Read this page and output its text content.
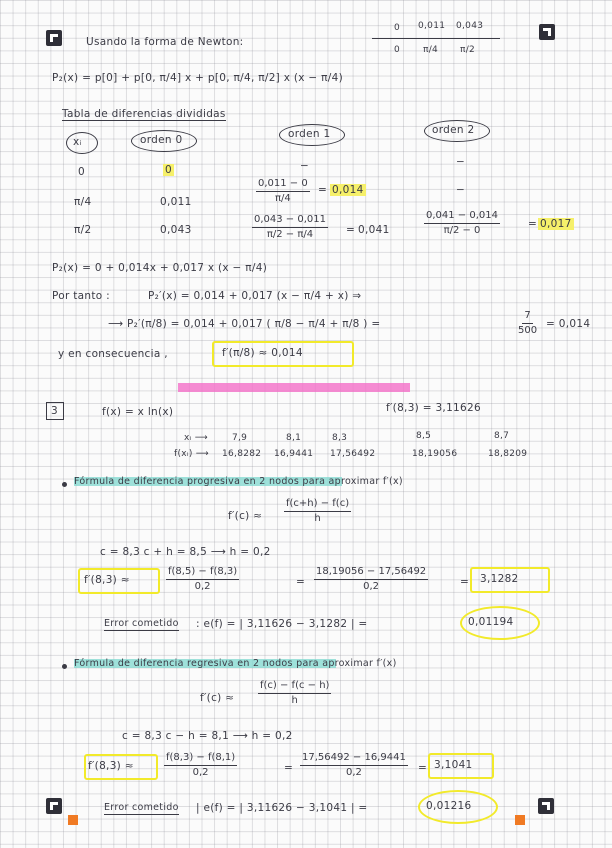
Usando la forma de Newton:
0 0,011 0,043
0	π/4 π/2
P₂(x) = p[0] + p[0, π/4] x + p[0, π/4, π/2] x (x − π/4)
Tabla de diferencias divididas
xᵢ	orden 0	orden 1	orden 2
0	0	−	−
π/4	0,011	$\frac{0,011 - 0}{\pi/4} = 0,014$	−
π/2	0,043	$\frac{0,043 - 0,011}{\pi/2 - \pi/4} = 0,041$	$\frac{0,041 - 0,014}{\pi/2 - 0}$	= 0,017
P₂(x) = 0 + 0,014x + 0,017 x (x − π/4)
Por tanto :	P₂′(x) = 0,014 + 0,017 (x − π/4 + x) ⇒
⟶ P₂′(π/8) = 0,014 + 0,017 ( π/8 − π/4 + π/8 ) =	$\frac{7}{500} = 0,014$
y en consecuencia ,	f′(π/8) ≈ 0,014
3	f(x) = x ln(x)	f′(8,3) = 3,11626
xᵢ ⟶
f(xᵢ) ⟶
7,9	8,1	8,3	8,5	8,7
16,8282 16,9441 17,56492	18,19056	18,8209
Fórmula de diferencia progresiva en 2 nodos para aproximar f′(x)
$f'(c) \approx \frac{f(c+h) - f(c)}{h}$
c = 8,3 c + h = 8,5 ⟶ h = 0,2
f′(8,3) ≈	$\frac{f(8,5) - f(8,3)}{0,2}$	= $\frac{18,19056 - 17,56492}{0,2}$	= 3,1282
Error cometido : e(f) = | 3,11626 − 3,1282 | =	0,01194
Fórmula de diferencia regresiva en 2 nodos para aproximar f′(x)
$f'(c) \approx \frac{f(c) - f(c - h)}{h}$
c = 8,3 c − h = 8,1 ⟶ h = 0,2
f′(8,3) ≈	$\frac{f(8,3) - f(8,1)}{0,2}$	= $\frac{17,56492 - 16,9441}{0,2} = 3,1041$
Error cometido | e(f) = | 3,11626 − 3,1041 | =	0,01216
